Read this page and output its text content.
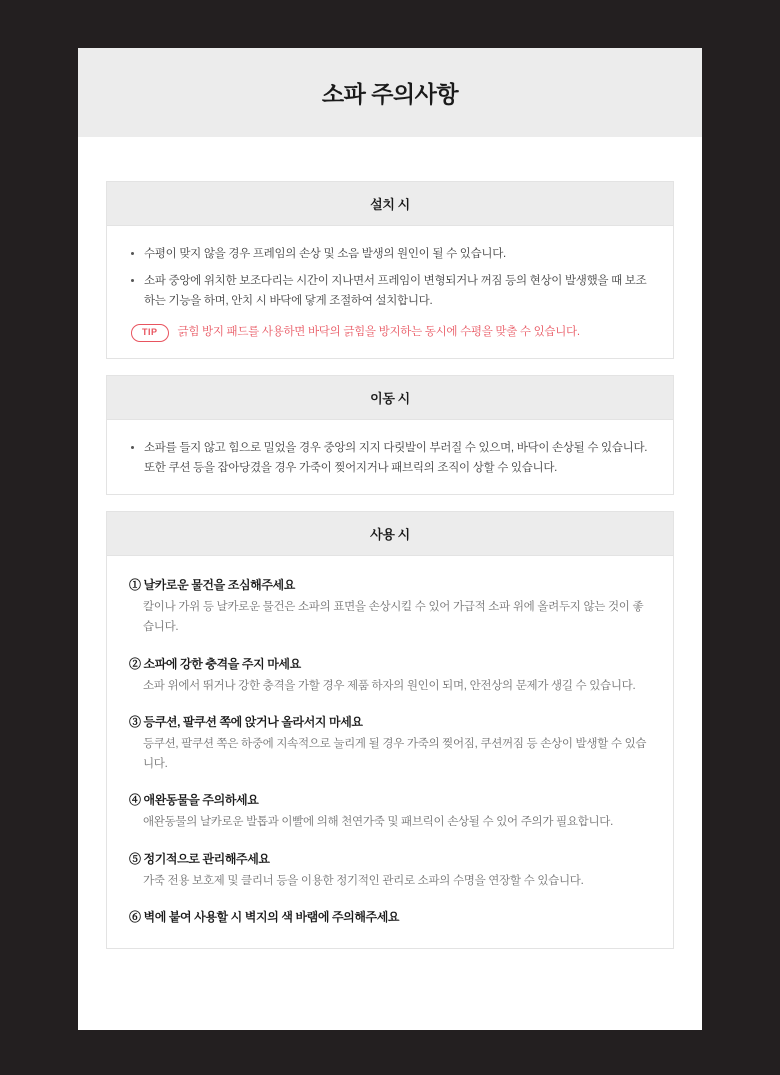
소파 주의사항
설치 시
수평이 맞지 않을 경우 프레임의 손상 및 소음 발생의 원인이 될 수 있습니다.
소파 중앙에 위치한 보조다리는 시간이 지나면서 프레임이 변형되거나 꺼짐 등의 현상이 발생했을 때 보조하는 기능을 하며, 안치 시 바닥에 닿게 조절하여 설치합니다.
TIP	긁힘 방지 패드를 사용하면 바닥의 긁힘을 방지하는 동시에 수평을 맞출 수 있습니다.
이동 시
소파를 들지 않고 힘으로 밀었을 경우 중앙의 지지 다릿발이 부러질 수 있으며, 바닥이 손상될 수 있습니다. 또한 쿠션 등을 잡아당겼을 경우 가죽이 찢어지거나 패브릭의 조직이 상할 수 있습니다.
사용 시
① 날카로운 물건을 조심해주세요
칼이나 가위 등 날카로운 물건은 소파의 표면을 손상시킬 수 있어 가급적 소파 위에 올려두지 않는 것이 좋습니다.
② 소파에 강한 충격을 주지 마세요
소파 위에서 뛰거나 강한 충격을 가할 경우 제품 하자의 원인이 되며, 안전상의 문제가 생길 수 있습니다.
③ 등쿠션, 팔쿠션 쪽에 앉거나 올라서지 마세요
등쿠션, 팔쿠션 쪽은 하중에 지속적으로 눌리게 될 경우 가죽의 찢어짐, 쿠션꺼짐 등 손상이 발생할 수 있습니다.
④ 애완동물을 주의하세요
애완동물의 날카로운 발톱과 이빨에 의해 천연가죽 및 패브릭이 손상될 수 있어 주의가 필요합니다.
⑤ 정기적으로 관리해주세요
가죽 전용 보호제 및 클리너 등을 이용한 정기적인 관리로 소파의 수명을 연장할 수 있습니다.
⑥ 벽에 붙여 사용할 시 벽지의 색 바램에 주의해주세요
